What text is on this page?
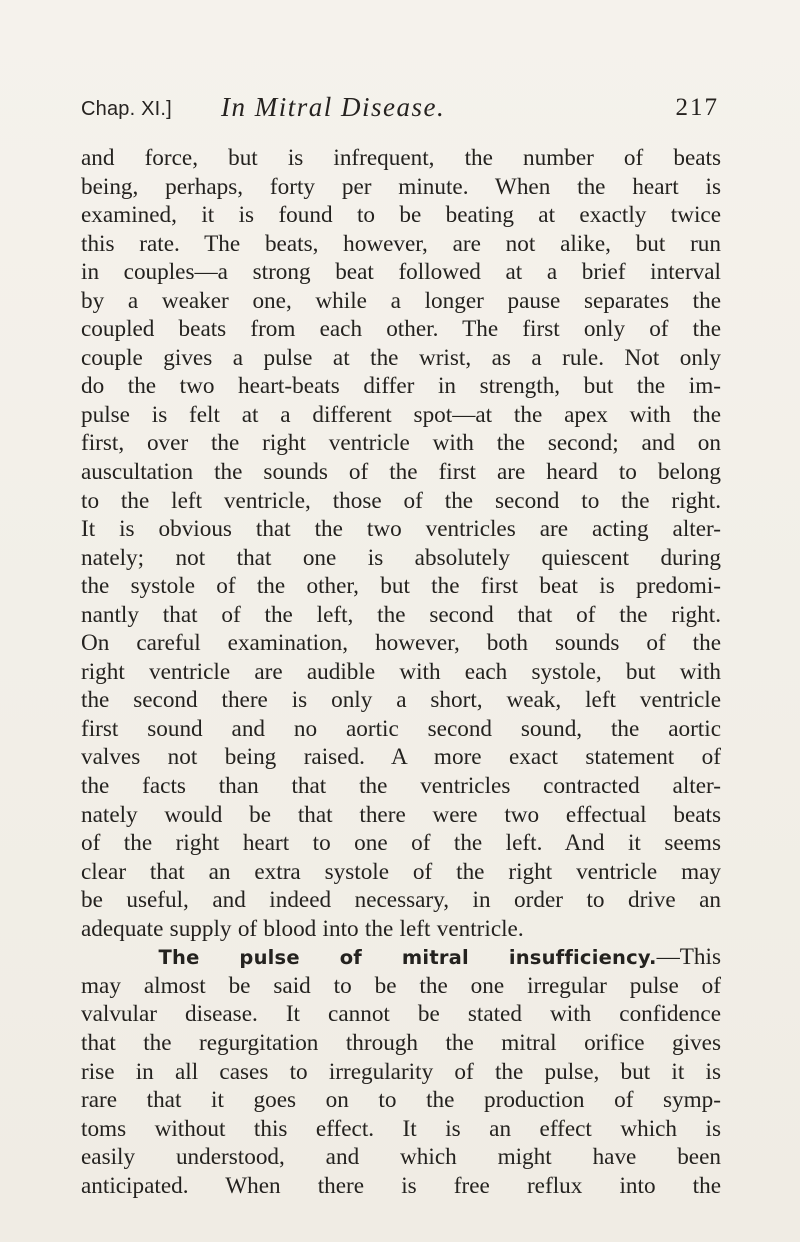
Chap. XI.] In Mitral Disease.	217
and force, but is infrequent, the number of beats
being, perhaps, forty per minute. When the heart is
examined, it is found to be beating at exactly twice
this rate. The beats, however, are not alike, but run
in couples—a strong beat followed at a brief interval
by a weaker one, while a longer pause separates the
coupled beats from each other. The first only of the
couple gives a pulse at the wrist, as a rule. Not only
do the two heart-beats differ in strength, but the im-
pulse is felt at a different spot—at the apex with the
first, over the right ventricle with the second; and on
auscultation the sounds of the first are heard to belong
to the left ventricle, those of the second to the right.
It is obvious that the two ventricles are acting alter-
nately; not that one is absolutely quiescent during
the systole of the other, but the first beat is predomi-
nantly that of the left, the second that of the right.
On careful examination, however, both sounds of the
right ventricle are audible with each systole, but with
the second there is only a short, weak, left ventricle
first sound and no aortic second sound, the aortic
valves not being raised. A more exact statement of
the facts than that the ventricles contracted alter-
nately would be that there were two effectual beats
of the right heart to one of the left. And it seems
clear that an extra systole of the right ventricle may
be useful, and indeed necessary, in order to drive an
adequate supply of blood into the left ventricle.
The pulse of mitral insufficiency.—This
may almost be said to be the one irregular pulse of
valvular disease. It cannot be stated with confidence
that the regurgitation through the mitral orifice gives
rise in all cases to irregularity of the pulse, but it is
rare that it goes on to the production of symp-
toms without this effect. It is an effect which is
easily understood, and which might have been
anticipated. When there is free reflux into the
